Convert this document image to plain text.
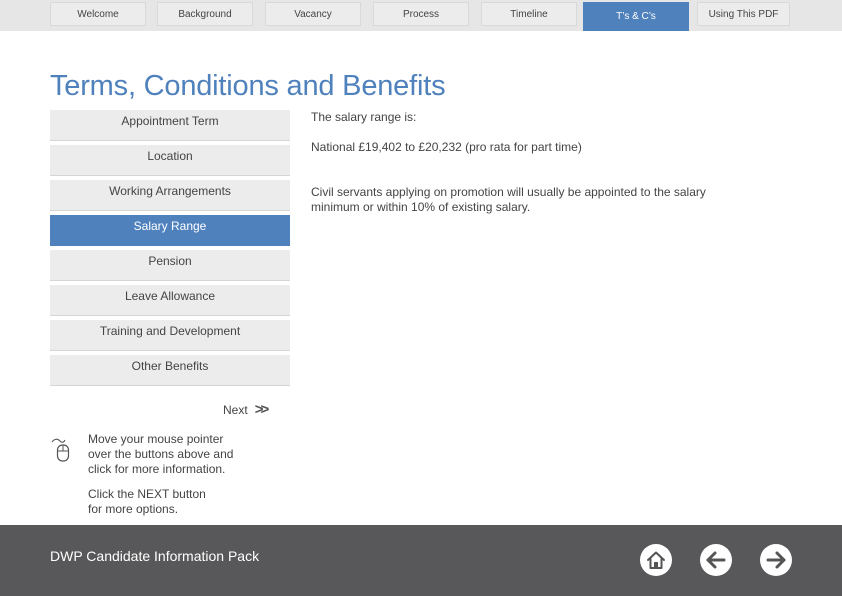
Welcome	Background	Vacancy	Process	Timeline	T’s & C’s	Using This PDF
Terms, Conditions and Benefits
Appointment Term
Location
Working Arrangements
Salary Range
Pension
Leave Allowance
Training and Development
Other Benefits
The salary range is:
National £19,402 to £20,232 (pro rata for part time)
Civil servants applying on promotion will usually be appointed to the salary
minimum or within 10% of existing salary.
Next >>
Move your mouse pointer
over the buttons above and
click for more information.
Click the NEXT button
for more options.
DWP Candidate Information Pack
